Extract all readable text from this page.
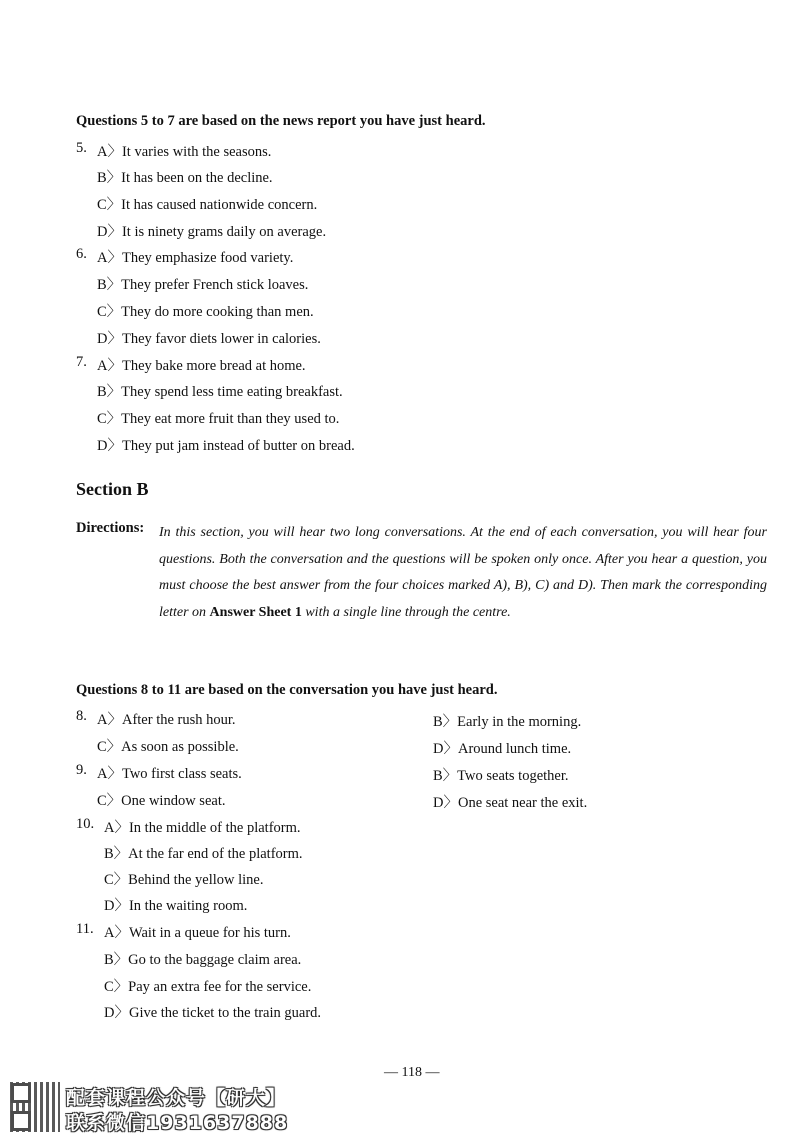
Questions 5 to 7 are based on the news report you have just heard.
5. A〉It varies with the seasons.
B〉It has been on the decline.
C〉It has caused nationwide concern.
D〉It is ninety grams daily on average.
6. A〉They emphasize food variety.
B〉They prefer French stick loaves.
C〉They do more cooking than men.
D〉They favor diets lower in calories.
7. A〉They bake more bread at home.
B〉They spend less time eating breakfast.
C〉They eat more fruit than they used to.
D〉They put jam instead of butter on bread.
Section B
Directions: In this section, you will hear two long conversations. At the end of each conversation, you will hear four questions. Both the conversation and the questions will be spoken only once. After you hear a question, you must choose the best answer from the four choices marked A), B), C) and D). Then mark the corresponding letter on Answer Sheet 1 with a single line through the centre.
Questions 8 to 11 are based on the conversation you have just heard.
8. A〉After the rush hour.	B〉Early in the morning.
C〉As soon as possible.	D〉Around lunch time.
9. A〉Two first class seats.	B〉Two seats together.
C〉One window seat.	D〉One seat near the exit.
10. A〉In the middle of the platform.
B〉At the far end of the platform.
C〉Behind the yellow line.
D〉In the waiting room.
11. A〉Wait in a queue for his turn.
B〉Go to the baggage claim area.
C〉Pay an extra fee for the service.
D〉Give the ticket to the train guard.
— 118 —
配套课程公众号【研大】
联系微信1931637888
